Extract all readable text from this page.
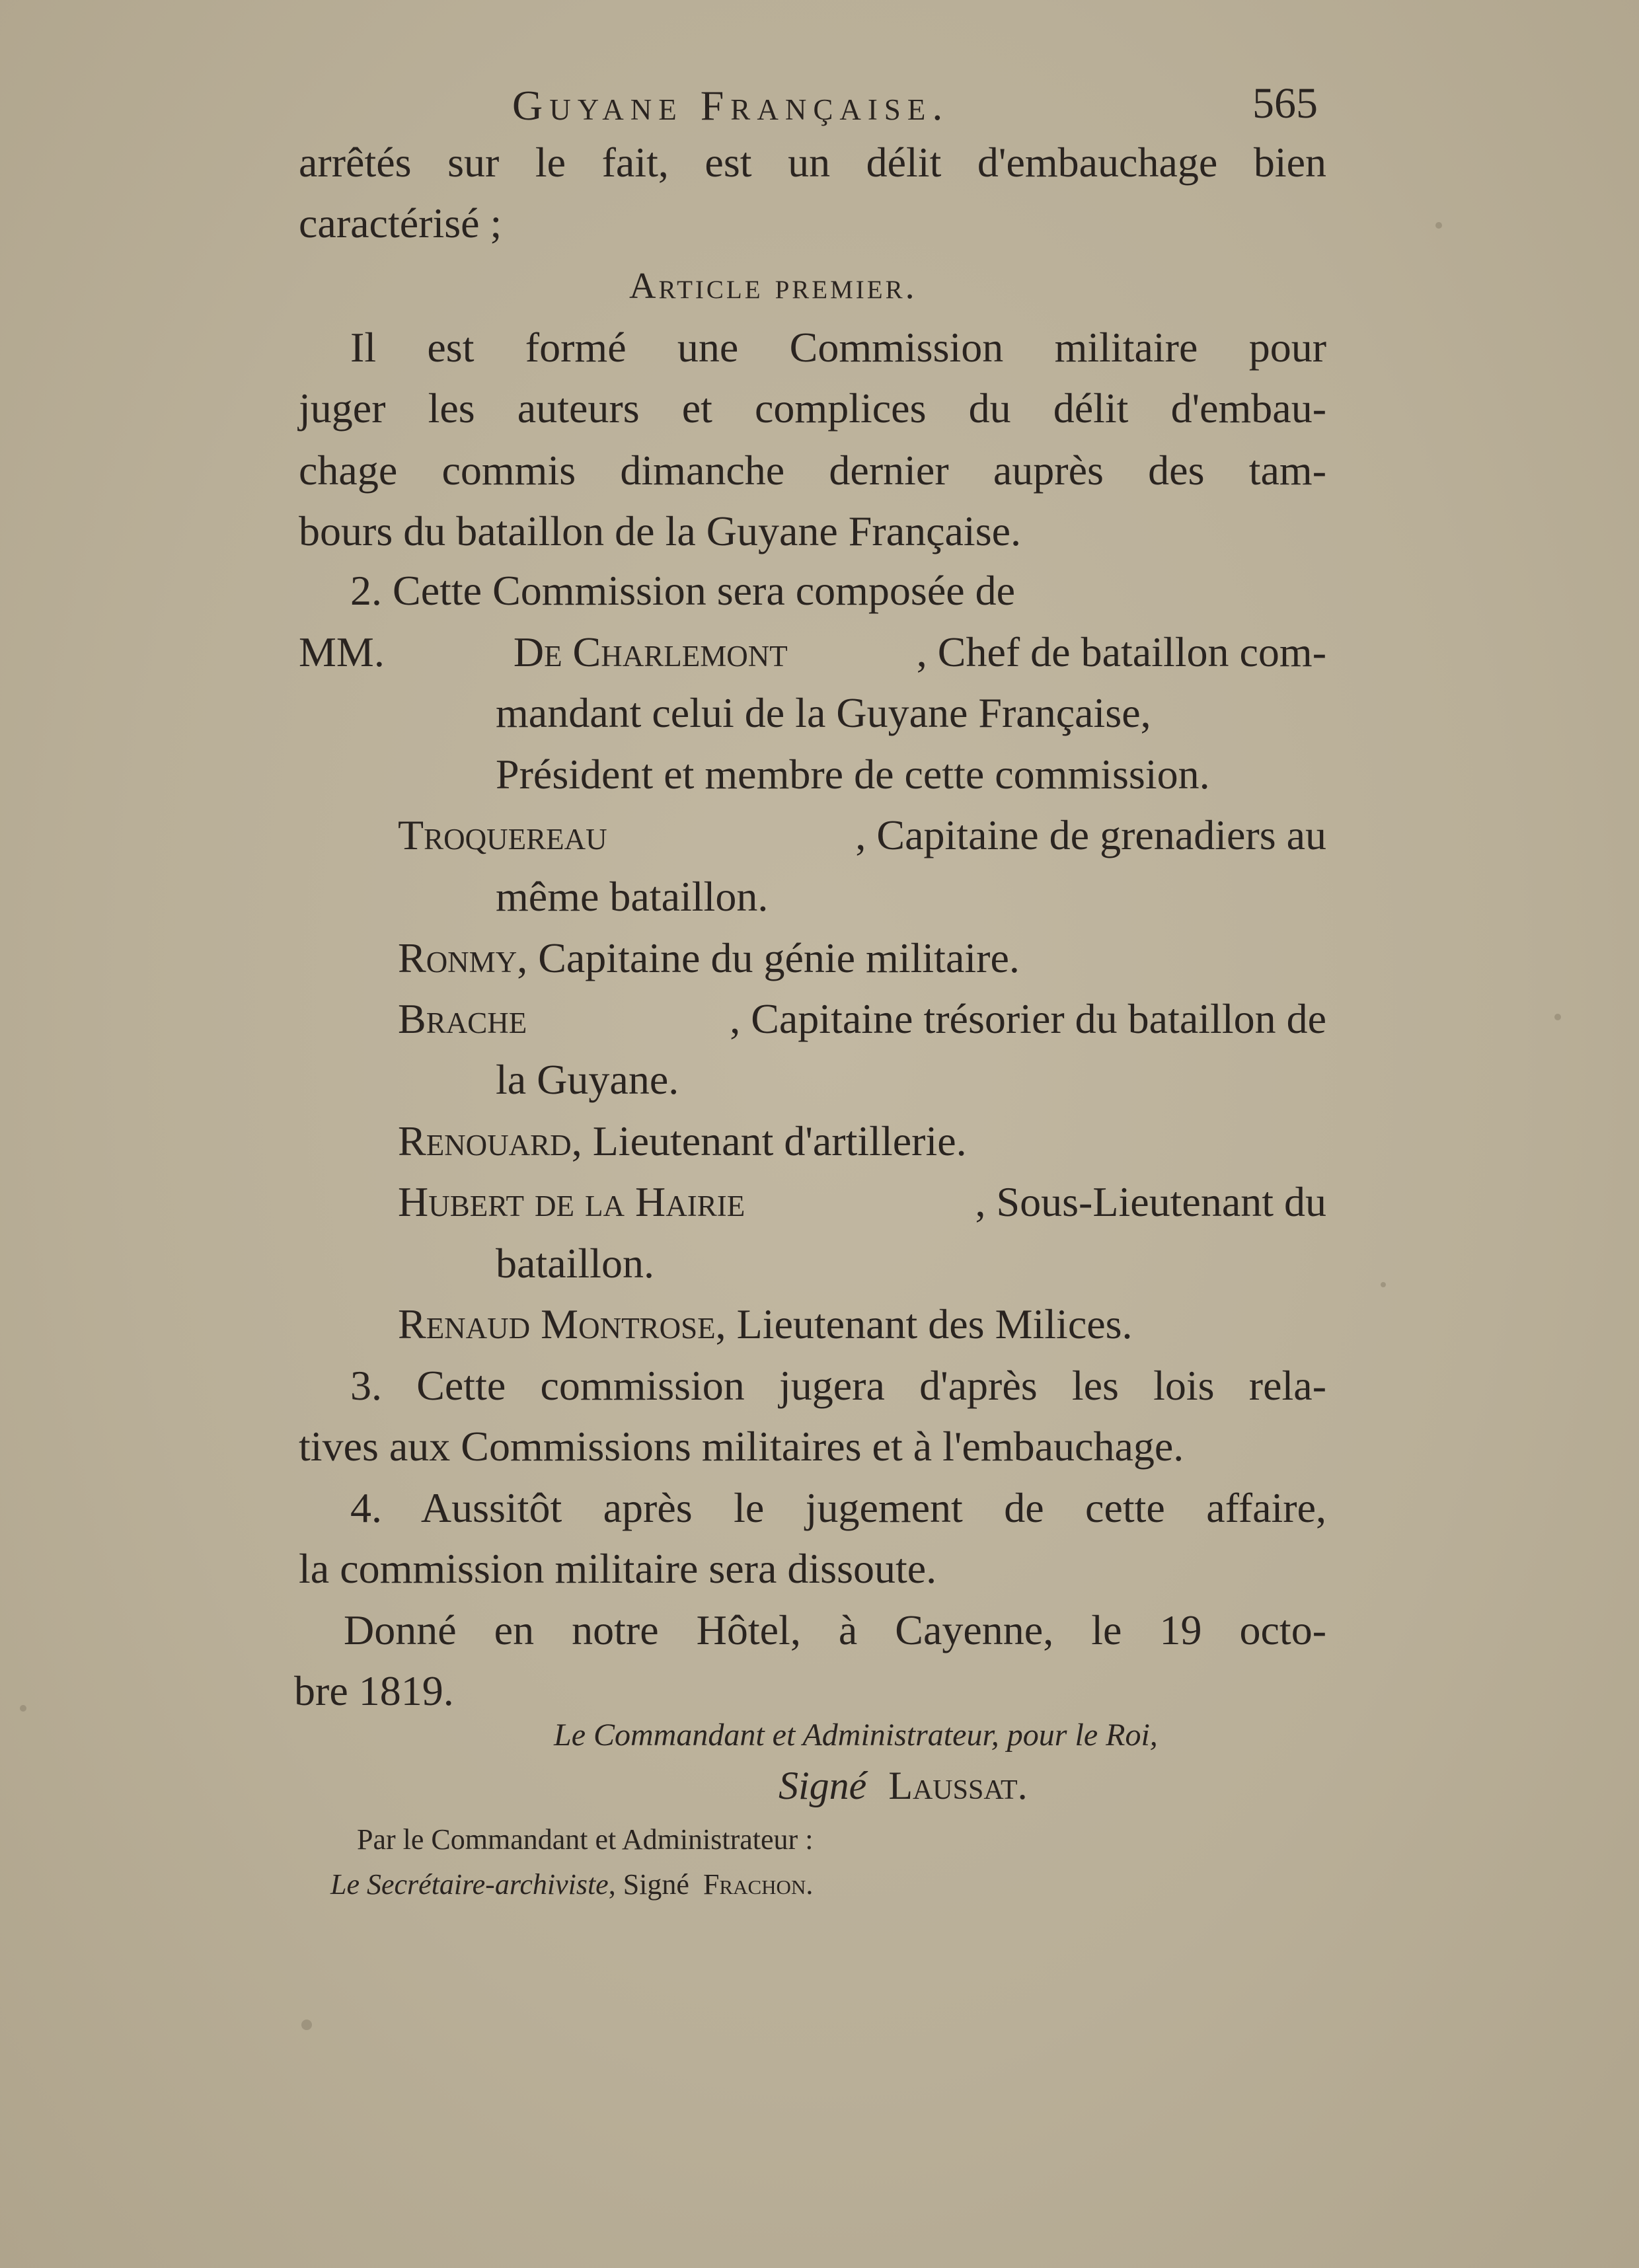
Guyane Française.	565
arrêtés sur le fait, est un délit d'embauchage bien
caractérisé ;
Article premier.
Il est formé une Commission militaire pour
juger les auteurs et complices du délit d'embau-
chage commis dimanche dernier auprès des tam-
bours du bataillon de la Guyane Française.
2. Cette Commission sera composée de
MM.	De Charlemont	, Chef de bataillon com-
mandant celui de la Guyane Française,
Président et membre de cette commission.
Troquereau	, Capitaine de grenadiers au
même bataillon.
Ronmy, Capitaine du génie militaire.
Brache	, Capitaine trésorier du bataillon de
la Guyane.
Renouard, Lieutenant d'artillerie.
Hubert de la Hairie	, Sous-Lieutenant du
bataillon.
Renaud Montrose, Lieutenant des Milices.
3. Cette commission jugera d'après les lois rela-
tives aux Commissions militaires et à l'embauchage.
4. Aussitôt après le jugement de cette affaire,
la commission militaire sera dissoute.
Donné en notre Hôtel, à Cayenne, le 19 octo-
bre 1819.
Le Commandant et Administrateur, pour le Roi,
Signé Laussat.
Par le Commandant et Administrateur :
Le Secrétaire-archiviste, Signé Frachon.
